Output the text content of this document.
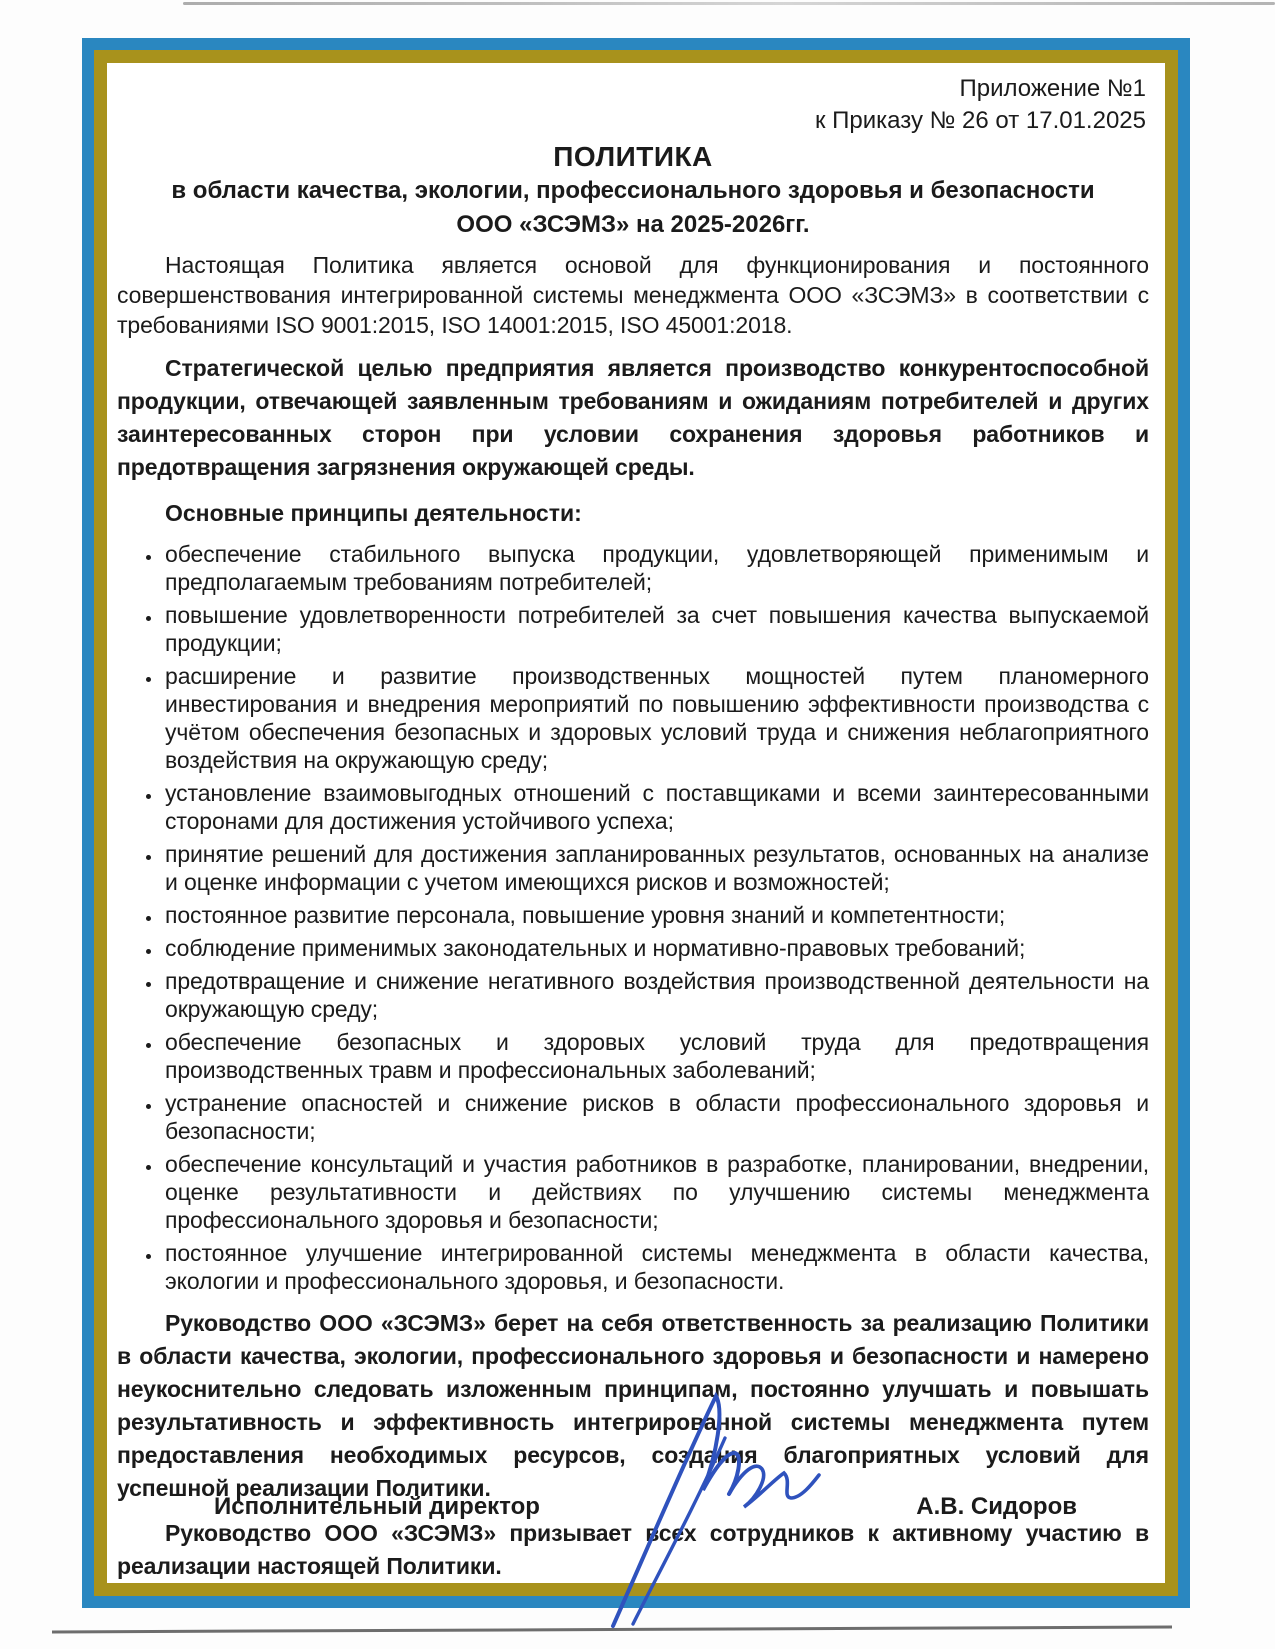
Приложение №1
к Приказу № 26 от 17.01.2025
ПОЛИТИКА
в области качества, экологии, профессионального здоровья и безопасности
ООО «ЗСЭМЗ» на 2025-2026гг.

Настоящая Политика является основой для функционирования и постоянного совершенствования интегрированной системы менеджмента ООО «ЗСЭМЗ» в соответствии с требованиями ISO 9001:2015, ISO 14001:2015, ISO 45001:2018.

Стратегической целью предприятия является производство конкурентоспособной продукции, отвечающей заявленным требованиям и ожиданиям потребителей и других заинтересованных сторон при условии сохранения здоровья работников и предотвращения загрязнения окружающей среды.

Основные принципы деятельности:
• обеспечение стабильного выпуска продукции, удовлетворяющей применимым и предполагаемым требованиям потребителей;
• повышение удовлетворенности потребителей за счет повышения качества выпускаемой продукции;
• расширение и развитие производственных мощностей путем планомерного инвестирования и внедрения мероприятий по повышению эффективности производства с учётом обеспечения безопасных и здоровых условий труда и снижения неблагоприятного воздействия на окружающую среду;
• установление взаимовыгодных отношений с поставщиками и всеми заинтересованными сторонами для достижения устойчивого успеха;
• принятие решений для достижения запланированных результатов, основанных на анализе и оценке информации с учетом имеющихся рисков и возможностей;
• постоянное развитие персонала, повышение уровня знаний и компетентности;
• соблюдение применимых законодательных и нормативно-правовых требований;
• предотвращение и снижение негативного воздействия производственной деятельности на окружающую среду;
• обеспечение безопасных и здоровых условий труда для предотвращения производственных травм и профессиональных заболеваний;
• устранение опасностей и снижение рисков в области профессионального здоровья и безопасности;
• обеспечение консультаций и участия работников в разработке, планировании, внедрении, оценке результативности и действиях по улучшению системы менеджмента профессионального здоровья и безопасности;
• постоянное улучшение интегрированной системы менеджмента в области качества, экологии и профессионального здоровья, и безопасности.

Руководство ООО «ЗСЭМЗ» берет на себя ответственность за реализацию Политики в области качества, экологии, профессионального здоровья и безопасности и намерено неукоснительно следовать изложенным принципам, постоянно улучшать и повышать результативность и эффективность интегрированной системы менеджмента путем предоставления необходимых ресурсов, создания благоприятных условий для успешной реализации Политики.

Руководство ООО «ЗСЭМЗ» призывает всех сотрудников к активному участию в реализации настоящей Политики.

Исполнительный директор	А.В. Сидоров
